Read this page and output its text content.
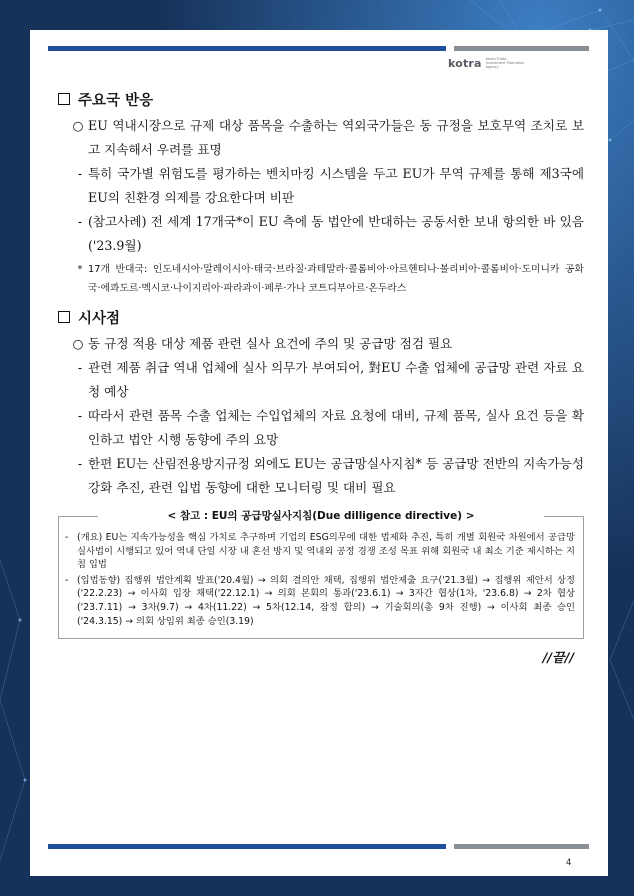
kotra Korea Trade-Investment Promotion Agency
주요국 반응
○ EU 역내시장으로 규제 대상 품목을 수출하는 역외국가들은 동 규정을 보호무역 조치로 보고 지속해서 우려를 표명
- 특히 국가별 위험도를 평가하는 벤치마킹 시스템을 두고 EU가 무역 규제를 통해 제3국에 EU의 친환경 의제를 강요한다며 비판
- (참고사례) 전 세계 17개국*이 EU 측에 동 법안에 반대하는 공동서한 보내 항의한 바 있음('23.9월)
* 17개 반대국: 인도네시아·말레이시아·태국·브라질·과테말라·콜롬비아·아르헨티나·볼리비아·콜롬비아·도미니카 공화국·에콰도르·멕시코·나이지리아·파라과이·페루·가나 코트디부아르·온두라스
시사점
○ 동 규정 적용 대상 제품 관련 실사 요건에 주의 및 공급망 점검 필요
- 관련 제품 취급 역내 업체에 실사 의무가 부여되어, 對EU 수출 업체에 공급망 관련 자료 요청 예상
- 따라서 관련 품목 수출 업체는 수입업체의 자료 요청에 대비, 규제 품목, 실사 요건 등을 확인하고 법안 시행 동향에 주의 요망
- 한편 EU는 산림전용방지규정 외에도 EU는 공급망실사지침* 등 공급망 전반의 지속가능성 강화 추진, 관련 입법 동향에 대한 모니터링 및 대비 필요
< 참고 : EU의 공급망실사지침(Due dilligence directive) >
- (개요) EU는 지속가능성을 핵심 가치로 추구하며 기업의 ESG의무에 대한 법제화 추진, 특히 개별 회원국 차원에서 공급망 실사법이 시행되고 있어 역내 단일 시장 내 혼선 방지 및 역내외 공정 경쟁 조성 목표 위해 회원국 내 최소 기준 제시하는 지침 입법
- (입법동향) 집행위 법안계획 발표('20.4월) → 의회 결의안 채택, 집행위 법안제출 요구('21.3월) → 집행위 제안서 상정('22.2.23) → 이사회 입장 채택('22.12.1) → 의회 본회의 통과('23.6.1) → 3자간 협상(1차, '23.6.8) → 2차 협상('23.7.11) → 3차(9.7) → 4차(11.22) → 5차(12.14, 잠정 합의) → 기술회의(총 9차 진행) → 이사회 최종 승인('24.3.15) → 의회 상임위 최종 승인(3.19)
//끝//
4
